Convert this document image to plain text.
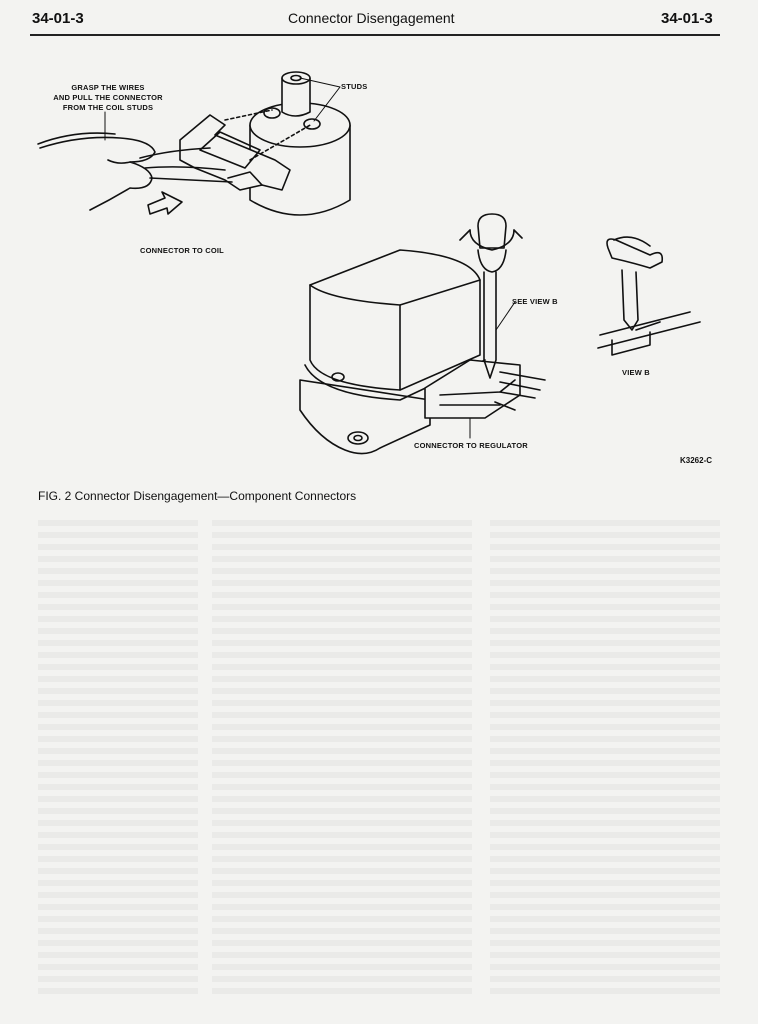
34-01-3	Connector Disengagement	34-01-3
GRASP THE WIRES
AND PULL THE CONNECTOR
FROM THE COIL STUDS
STUDS
CONNECTOR TO COIL
SEE VIEW B
VIEW B
CONNECTOR TO REGULATOR
K3262-C
FIG. 2 Connector Disengagement—Component Connectors
